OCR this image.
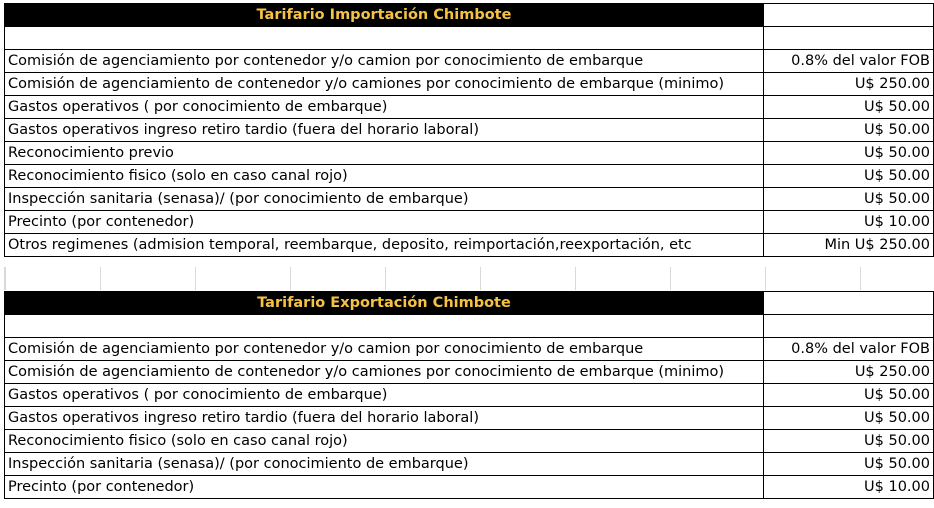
Tarifario Importación Chimbote	

Comisión de agenciamiento por contenedor y/o camion por conocimiento de embarque	0.8% del valor FOB
Comisión de agenciamiento de contenedor y/o camiones por conocimiento de embarque (minimo)	U$ 250.00
Gastos operativos ( por conocimiento de embarque)	U$ 50.00
Gastos operativos ingreso retiro tardio (fuera del horario laboral)	U$ 50.00
Reconocimiento previo	U$ 50.00
Reconocimiento fisico (solo en caso canal rojo)	U$ 50.00
Inspección sanitaria (senasa)/ (por conocimiento de embarque)	U$ 50.00
Precinto (por contenedor)	U$ 10.00
Otros regimenes (admision temporal, reembarque, deposito, reimportación,reexportación, etc	Min U$ 250.00
Tarifario Exportación Chimbote	

Comisión de agenciamiento por contenedor y/o camion por conocimiento de embarque	0.8% del valor FOB
Comisión de agenciamiento de contenedor y/o camiones por conocimiento de embarque (minimo)	U$ 250.00
Gastos operativos ( por conocimiento de embarque)	U$ 50.00
Gastos operativos ingreso retiro tardio (fuera del horario laboral)	U$ 50.00
Reconocimiento fisico (solo en caso canal rojo)	U$ 50.00
Inspección sanitaria (senasa)/ (por conocimiento de embarque)	U$ 50.00
Precinto (por contenedor)	U$ 10.00
